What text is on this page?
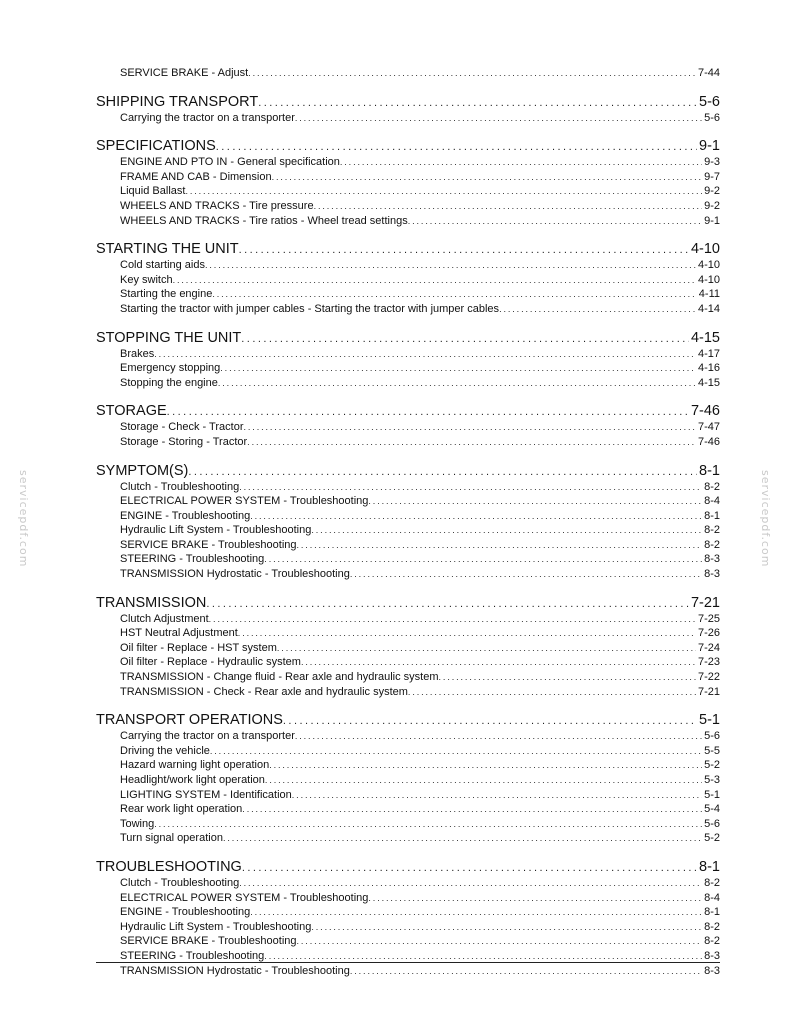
servicepdf.com	servicepdf.com
SERVICE BRAKE - Adjust . . .	7-44
SHIPPING TRANSPORT . . .	5-6
Carrying the tractor on a transporter . . .	5-6
SPECIFICATIONS . . .	9-1
ENGINE AND PTO IN - General specification . . .	9-3
FRAME AND CAB - Dimension . . .	9-7
Liquid Ballast . . .	9-2
WHEELS AND TRACKS - Tire pressure . . .	9-2
WHEELS AND TRACKS - Tire ratios - Wheel tread settings . . .	9-1
STARTING THE UNIT . . .	4-10
Cold starting aids . . .	4-10
Key switch . . .	4-10
Starting the engine . . .	4-11
Starting the tractor with jumper cables - Starting the tractor with jumper cables . . .	4-14
STOPPING THE UNIT . . .	4-15
Brakes . . .	4-17
Emergency stopping . . .	4-16
Stopping the engine . . .	4-15
STORAGE . . .	7-46
Storage - Check - Tractor . . .	7-47
Storage - Storing - Tractor . . .	7-46
SYMPTOM(S) . . .	8-1
Clutch - Troubleshooting . . .	8-2
ELECTRICAL POWER SYSTEM - Troubleshooting . . .	8-4
ENGINE - Troubleshooting . . .	8-1
Hydraulic Lift System - Troubleshooting . . .	8-2
SERVICE BRAKE - Troubleshooting . . .	8-2
STEERING - Troubleshooting . . .	8-3
TRANSMISSION Hydrostatic - Troubleshooting . . .	8-3
TRANSMISSION . . .	7-21
Clutch Adjustment . . .	7-25
HST Neutral Adjustment . . .	7-26
Oil filter - Replace - HST system . . .	7-24
Oil filter - Replace - Hydraulic system . . .	7-23
TRANSMISSION - Change fluid - Rear axle and hydraulic system . . .	7-22
TRANSMISSION - Check - Rear axle and hydraulic system . . .	7-21
TRANSPORT OPERATIONS . . .	5-1
Carrying the tractor on a transporter . . .	5-6
Driving the vehicle . . .	5-5
Hazard warning light operation . . .	5-2
Headlight/work light operation . . .	5-3
LIGHTING SYSTEM - Identification . . .	5-1
Rear work light operation . . .	5-4
Towing . . .	5-6
Turn signal operation . . .	5-2
TROUBLESHOOTING . . .	8-1
Clutch - Troubleshooting . . .	8-2
ELECTRICAL POWER SYSTEM - Troubleshooting . . .	8-4
ENGINE - Troubleshooting . . .	8-1
Hydraulic Lift System - Troubleshooting . . .	8-2
SERVICE BRAKE - Troubleshooting . . .	8-2
STEERING - Troubleshooting . . .	8-3
TRANSMISSION Hydrostatic - Troubleshooting . . .	8-3
